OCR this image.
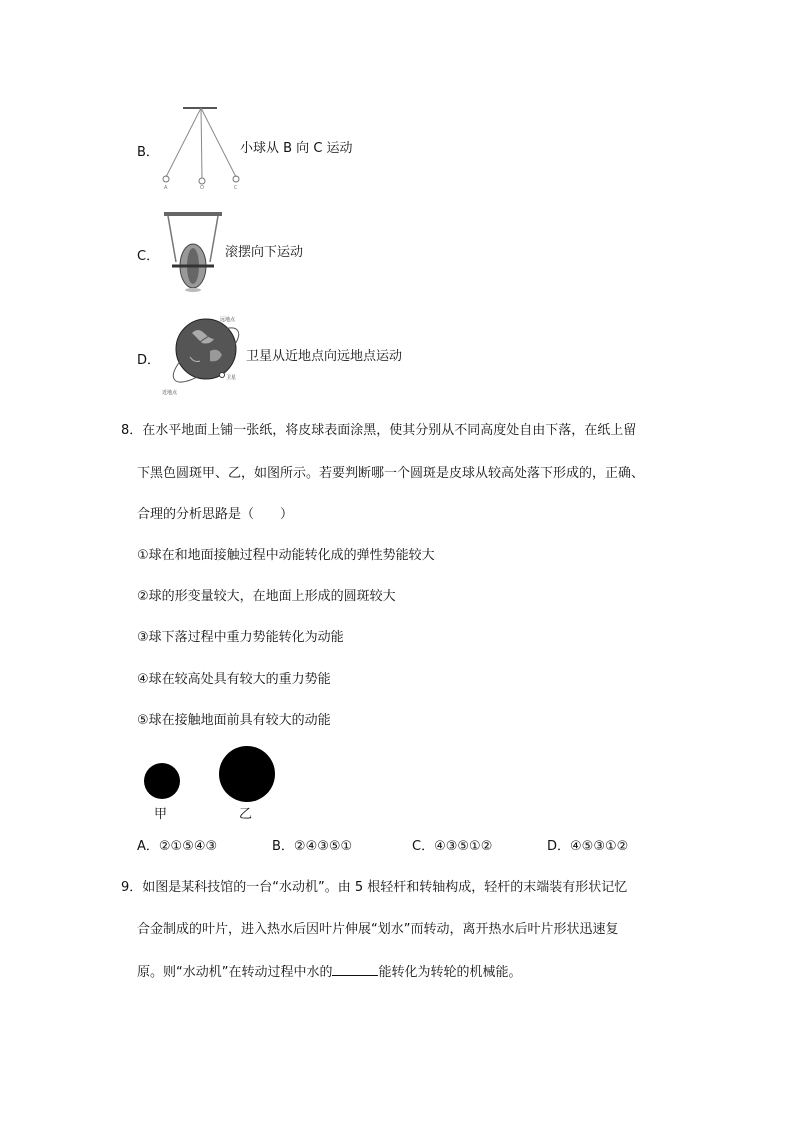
B．
A	O	C
小球从 B 向 C 运动
C．	滚摆向下运动
D．
远地点
卫星
近地点
卫星从近地点向远地点运动
8．在水平地面上铺一张纸，将皮球表面涂黑，使其分别从不同高度处自由下落，在纸上留
下黑色圆斑甲、乙，如图所示。若要判断哪一个圆斑是皮球从较高处落下形成的，正确、
合理的分析思路是（　　）
①球在和地面接触过程中动能转化成的弹性势能较大
②球的形变量较大，在地面上形成的圆斑较大
③球下落过程中重力势能转化为动能
④球在较高处具有较大的重力势能
⑤球在接触地面前具有较大的动能
甲	乙
A．②①⑤④③	B．②④③⑤①	C．④③⑤①②	D．④⑤③①②
9．如图是某科技馆的一台“水动机”。由 5 根轻杆和转轴构成，轻杆的末端装有形状记忆
合金制成的叶片，进入热水后因叶片伸展“划水”而转动，离开热水后叶片形状迅速复
原。则“水动机”在转动过程中水的	能转化为转轮的机械能。
